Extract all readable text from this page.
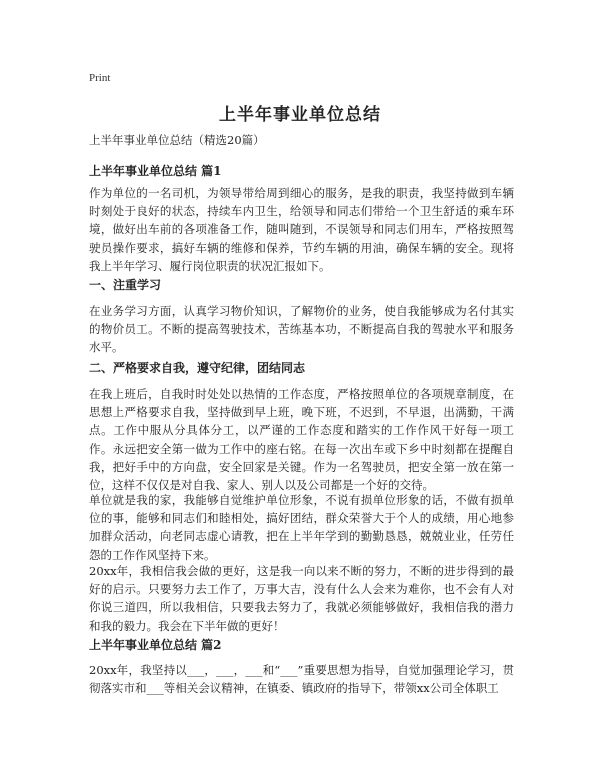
Print
上半年事业单位总结
上半年事业单位总结（精选20篇）
上半年事业单位总结 篇1
作为单位的一名司机，为领导带给周到细心的服务，是我的职责，我坚持做到车辆时刻处于良好的状态，持续车内卫生，给领导和同志们带给一个卫生舒适的乘车环境，做好出车前的各项准备工作，随叫随到，不误领导和同志们用车，严格按照驾驶员操作要求，搞好车辆的维修和保养，节约车辆的用油，确保车辆的安全。现将我上半年学习、履行岗位职责的状况汇报如下。
一、注重学习
在业务学习方面，认真学习物价知识，了解物价的业务，使自我能够成为名付其实的物价员工。不断的提高驾驶技术，苦练基本功，不断提高自我的驾驶水平和服务水平。
二、严格要求自我，遵守纪律，团结同志
在我上班后，自我时时处处以热情的工作态度，严格按照单位的各项规章制度，在思想上严格要求自我，坚持做到早上班，晚下班，不迟到，不早退，出满勤，干满点。工作中服从分具体分工，以严谨的工作态度和踏实的工作作风干好每一项工作。永远把安全第一做为工作中的座右铭。在每一次出车或下乡中时刻都在提醒自我，把好手中的方向盘，安全回家是关键。作为一名驾驶员，把安全第一放在第一位，这样不仅仅是对自我、家人、别人以及公司都是一个好的交待。
单位就是我的家，我能够自觉维护单位形象，不说有损单位形象的话，不做有损单位的事，能够和同志们和睦相处，搞好团结，群众荣誉大于个人的成绩，用心地参加群众活动，向老同志虚心请教，把在上半年学到的勤勤恳恳，兢兢业业，任劳任怨的工作作风坚持下来。
20xx年，我相信我会做的更好，这是我一向以来不断的努力，不断的进步得到的最好的启示。只要努力去工作了，万事大吉，没有什么人会来为难你，也不会有人对你说三道四，所以我相信，只要我去努力了，我就必须能够做好，我相信我的潜力和我的毅力。我会在下半年做的更好！
上半年事业单位总结 篇2
20xx年，我坚持以___，___，___和“___”重要思想为指导，自觉加强理论学习，贯彻落实市和___等相关会议精神，在镇委、镇政府的指导下，带领xx公司全体职工
